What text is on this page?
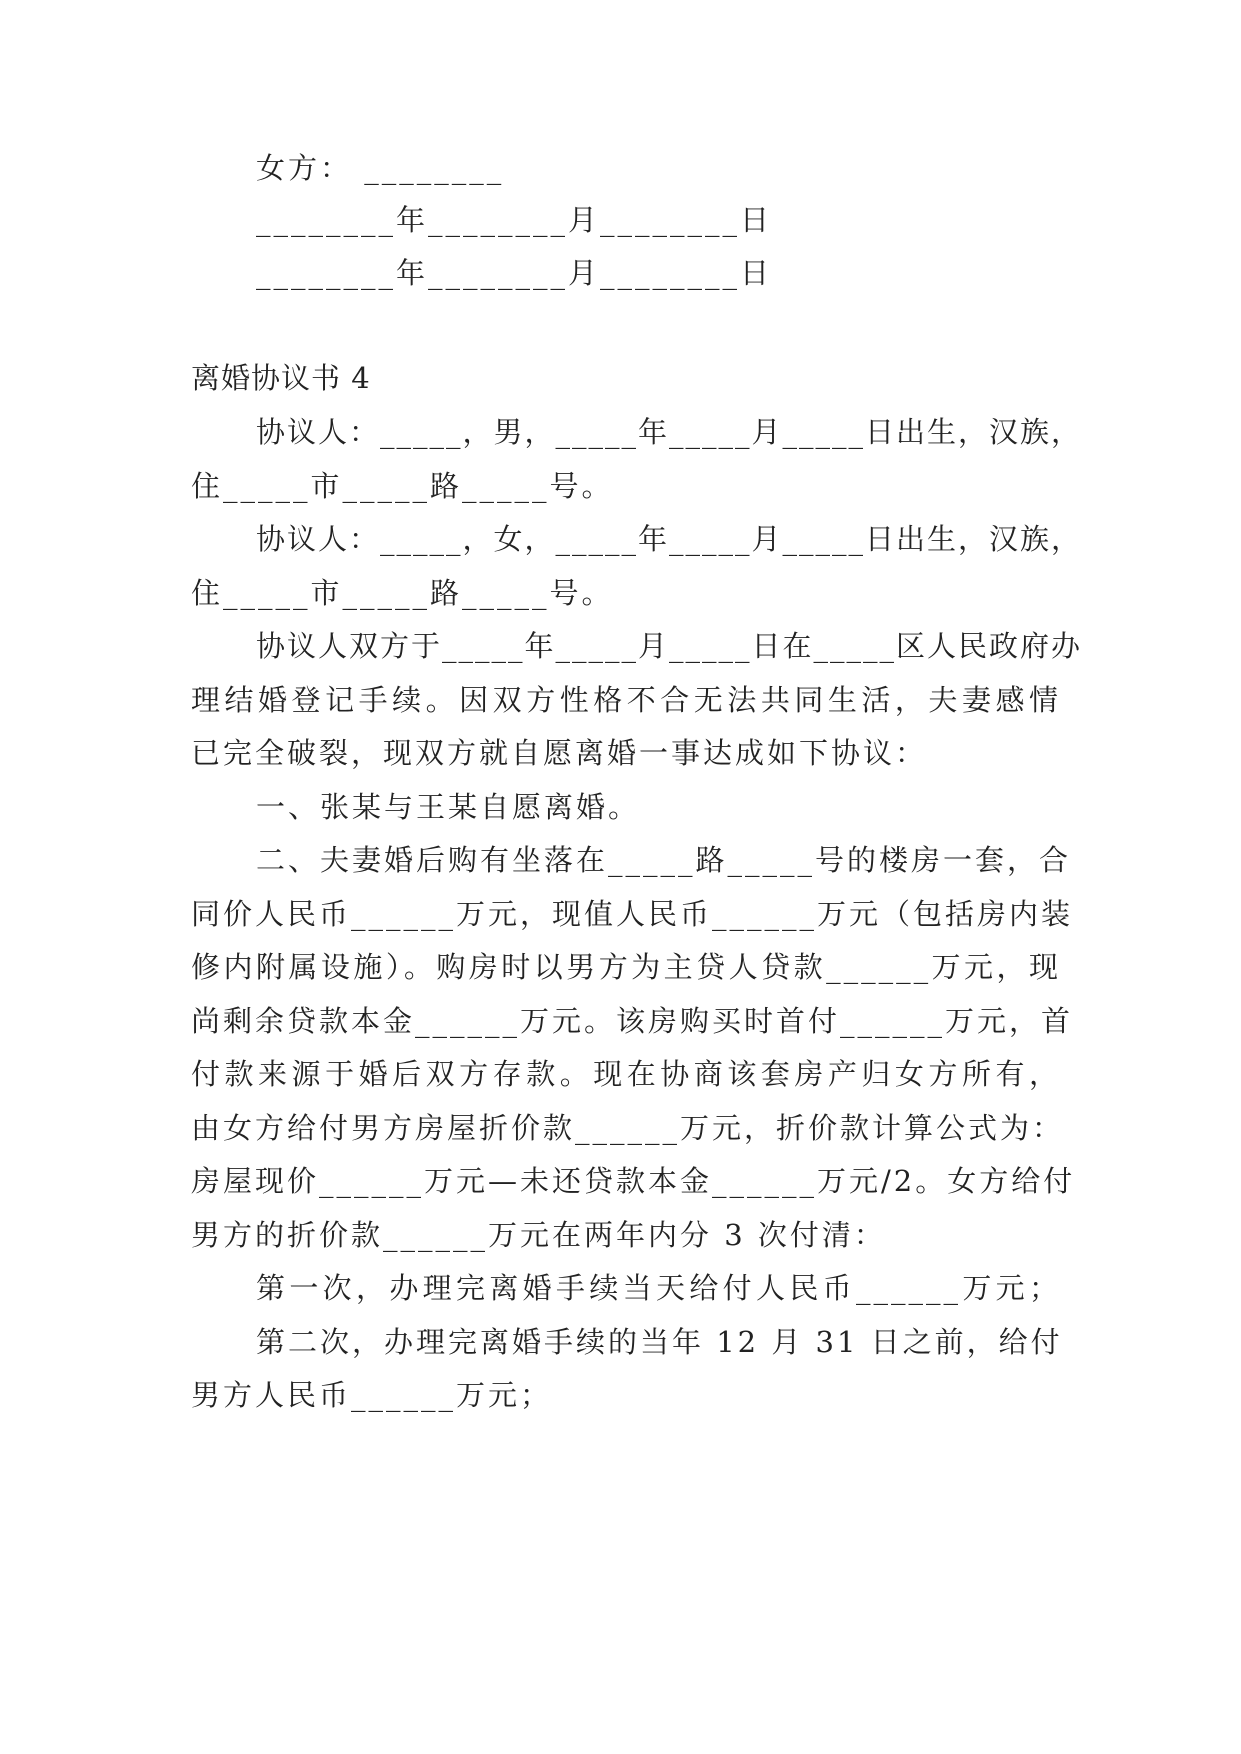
女方： ________
________年________月________日
________年________月________日
离婚协议书 4
协议人：_____，男，_____年_____月_____日出生，汉族，
住_____市_____路_____号。
协议人：_____，女，_____年_____月_____日出生，汉族，
住_____市_____路_____号。
协议人双方于_____年_____月_____日在_____区人民政府办
理结婚登记手续。因双方性格不合无法共同生活，夫妻感情
已完全破裂，现双方就自愿离婚一事达成如下协议：
一、张某与王某自愿离婚。
二、夫妻婚后购有坐落在_____路_____号的楼房一套，合
同价人民币______万元，现值人民币______万元（包括房内装
修内附属设施）。购房时以男方为主贷人贷款______万元，现
尚剩余贷款本金______万元。该房购买时首付______万元，首
付款来源于婚后双方存款。现在协商该套房产归女方所有，
由女方给付男方房屋折价款______万元，折价款计算公式为：
房屋现价______万元—未还贷款本金______万元/2。女方给付
男方的折价款______万元在两年内分 3 次付清：
第一次，办理完离婚手续当天给付人民币______万元；
第二次，办理完离婚手续的当年 12 月 31 日之前，给付
男方人民币______万元；
